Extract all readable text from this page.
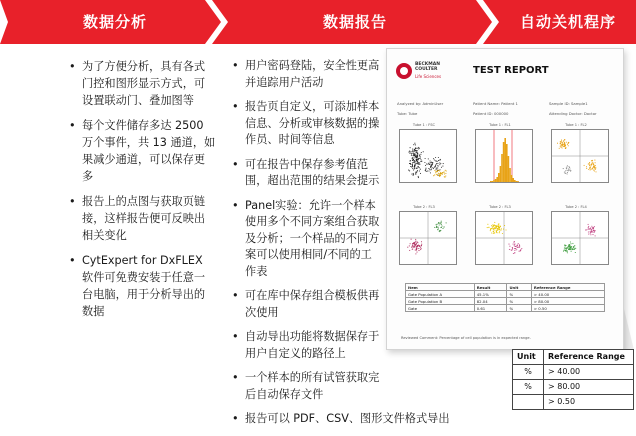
数据分析	数据报告	自动关机程序
• 为了方便分析，具有各式门控和图形显示方式，可设置联动门、叠加图等
• 每个文件储存多达 2500 万个事件，共 13 通道，如果减少通道，可以保存更多
• 报告上的点图与获取页链接，这样报告便可反映出相关变化
• CytExpert for DxFLEX 软件可免费安装于任意一台电脑，用于分析导出的数据
• 用户密码登陆，安全性更高并追踪用户活动
• 报告页自定义，可添加样本信息、分析或审核数据的操作员、时间等信息
• 可在报告中保存参考值范围，超出范围的结果会提示
• Panel实验：允许一个样本使用多个不同方案组合获取及分析；一个样品的不同方案可以使用相同/不同的工作表
• 可在库中保存组合模板供再次使用
• 自动导出功能将数据保存于用户自定义的路径上
• 一个样本的所有试管获取完后自动保存文件
• 报告可以 PDF、CSV、图形文件格式导出
BECKMAN COULTER
Life Sciences
TEST REPORT
Analyzed by: AdminUser	Patient Name: Patient 1	Sample ID: Sample1
Tube: Tube	Patient ID: 000000	Attending Doctor: Doctor
Tube 1 : FSC	Tube 1 : FL1	Tube 1 : FL2
Tube 2 : FL3	Tube 2 : FL3	Tube 2 : FL4
Item	Result	Unit	Reference Range
Gate Population A	45.1%	%	> 40.00
Gate Population B	82.04	%	> 80.00
Gate	0.61	%	> 0.50
Reviewed Comment: Percentage of cell population is in expected range.
Unit	Reference Range
%	> 40.00
%	> 80.00
	> 0.50
